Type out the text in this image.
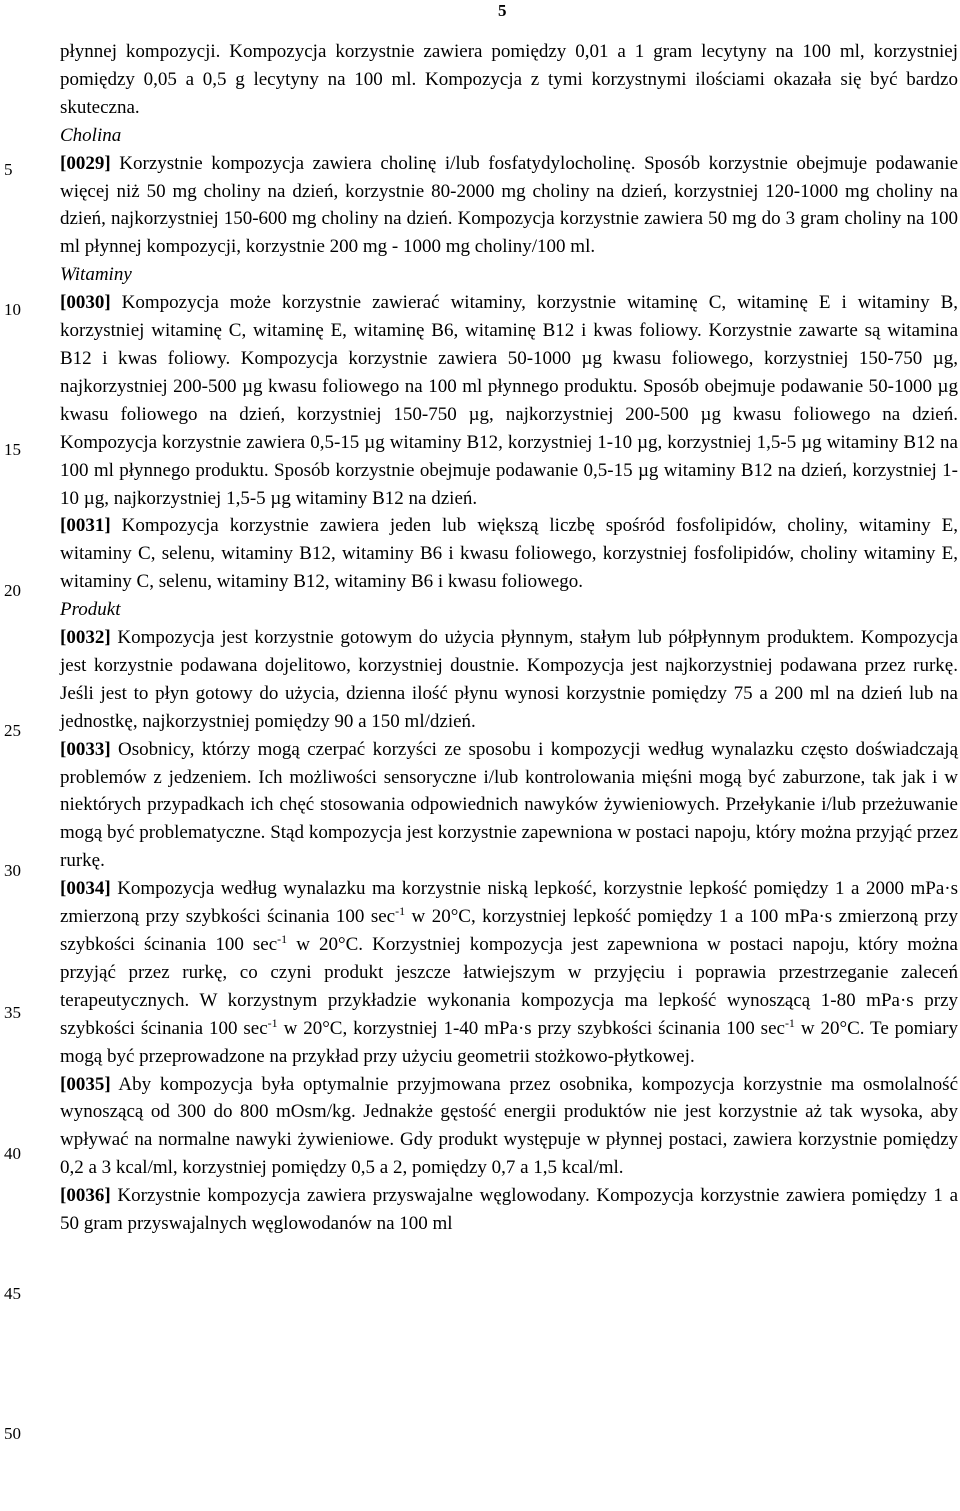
5
5
10
15
20
25
30
35
40
45
50

płynnej kompozycji. Kompozycja korzystnie zawiera pomiędzy 0,01 a 1 gram lecytyny na 100 ml, korzystniej pomiędzy 0,05 a 0,5 g lecytyny na 100 ml. Kompozycja z tymi korzystnymi ilościami okazała się być bardzo skuteczna.

Cholina

[0029] Korzystnie kompozycja zawiera cholinę i/lub fosfatydylocholinę. Sposób korzystnie obejmuje podawanie więcej niż 50 mg choliny na dzień, korzystnie 80-2000 mg choliny na dzień, korzystniej 120-1000 mg choliny na dzień, najkorzystniej 150-600 mg choliny na dzień. Kompozycja korzystnie zawiera 50 mg do 3 gram choliny na 100 ml płynnej kompozycji, korzystnie 200 mg - 1000 mg choliny/100 ml.

Witaminy

[0030] Kompozycja może korzystnie zawierać witaminy, korzystnie witaminę C, witaminę E i witaminy B, korzystniej witaminę C, witaminę E, witaminę B6, witaminę B12 i kwas foliowy. Korzystnie zawarte są witamina B12 i kwas foliowy. Kompozycja korzystnie zawiera 50-1000 µg kwasu foliowego, korzystniej 150-750 µg, najkorzystniej 200-500 µg kwasu foliowego na 100 ml płynnego produktu. Sposób obejmuje podawanie 50-1000 µg kwasu foliowego na dzień, korzystniej 150-750 µg, najkorzystniej 200-500 µg kwasu foliowego na dzień. Kompozycja korzystnie zawiera 0,5-15 µg witaminy B12, korzystniej 1-10 µg, korzystniej 1,5-5 µg witaminy B12 na 100 ml płynnego produktu. Sposób korzystnie obejmuje podawanie 0,5-15 µg witaminy B12 na dzień, korzystniej 1-10 µg, najkorzystniej 1,5-5 µg witaminy B12 na dzień.

[0031] Kompozycja korzystnie zawiera jeden lub większą liczbę spośród fosfolipidów, choliny, witaminy E, witaminy C, selenu, witaminy B12, witaminy B6 i kwasu foliowego, korzystniej fosfolipidów, choliny witaminy E, witaminy C, selenu, witaminy B12, witaminy B6 i kwasu foliowego.

Produkt

[0032] Kompozycja jest korzystnie gotowym do użycia płynnym, stałym lub półpłynnym produktem. Kompozycja jest korzystnie podawana dojelitowo, korzystniej doustnie. Kompozycja jest najkorzystniej podawana przez rurkę. Jeśli jest to płyn gotowy do użycia, dzienna ilość płynu wynosi korzystnie pomiędzy 75 a 200 ml na dzień lub na jednostkę, najkorzystniej pomiędzy 90 a 150 ml/dzień.

[0033] Osobnicy, którzy mogą czerpać korzyści ze sposobu i kompozycji według wynalazku często doświadczają problemów z jedzeniem. Ich możliwości sensoryczne i/lub kontrolowania mięśni mogą być zaburzone, tak jak i w niektórych przypadkach ich chęć stosowania odpowiednich nawyków żywieniowych. Przełykanie i/lub przeżuwanie mogą być problematyczne. Stąd kompozycja jest korzystnie zapewniona w postaci napoju, który można przyjąć przez rurkę.

[0034] Kompozycja według wynalazku ma korzystnie niską lepkość, korzystnie lepkość pomiędzy 1 a 2000 mPa·s zmierzoną przy szybkości ścinania 100 $\sec^{-1} w$ 20°C, korzystniej lepkość pomiędzy 1 a 100 mPa·s zmierzoną przy szybkości ścinania 100 $\sec^{-1} w$ 20°C. Korzystniej kompozycja jest zapewniona w postaci napoju, który można przyjąć przez rurkę, co czyni produkt jeszcze łatwiejszym w przyjęciu i poprawia przestrzeganie zaleceń terapeutycznych. W korzystnym przykładzie wykonania kompozycja ma lepkość wynoszącą 1-80 mPa·s przy szybkości ścinania 100 $\sec^{-1} w$ 20°C, korzystniej 1-40 mPa·s przy szybkości ścinania 100 $\sec^{-1} w$ 20°C. Te pomiary mogą być przeprowadzone na przykład przy użyciu geometrii stożkowo-płytkowej.

[0035] Aby kompozycja była optymalnie przyjmowana przez osobnika, kompozycja korzystnie ma osmolalność wynoszącą od 300 do 800 mOsm/kg. Jednakże gęstość energii produktów nie jest korzystnie aż tak wysoka, aby wpływać na normalne nawyki żywieniowe. Gdy produkt występuje w płynnej postaci, zawiera korzystnie pomiędzy 0,2 a 3 kcal/ml, korzystniej pomiędzy 0,5 a 2, pomiędzy 0,7 a 1,5 kcal/ml.

[0036] Korzystnie kompozycja zawiera przyswajalne węglowodany. Kompozycja korzystnie zawiera pomiędzy 1 a 50 gram przyswajalnych węglowodanów na 100 ml
